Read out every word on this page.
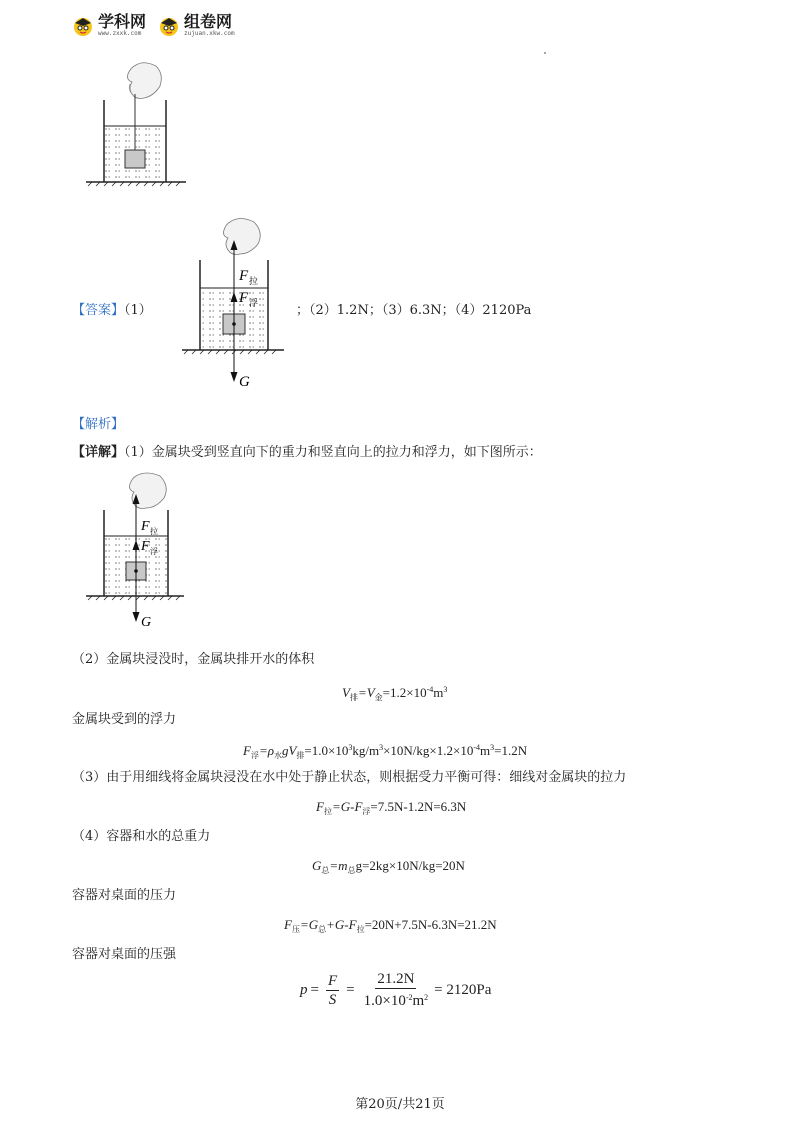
学科网
www.zxxk.com
组卷网
zujuan.xkw.com
【答案】（1）	；（2）1.2N；（3）6.3N；（4）2120Pa
F 拉
F 浮
G
【解析】
【详解】（1）金属块受到竖直向下的重力和竖直向上的拉力和浮力，如下图所示：
F 拉
F 浮
G
（2）金属块浸没时，金属块排开水的体积
$V_排=V_金=1.2\times 10^{-4}m^3$
金属块受到的浮力
$F_浮=\rho_水gV_排=1.0\times 10^3kg/m^3\times 10N/kg\times 1.2\times 10^{-4}m^3=1.2N$
（3）由于用细线将金属块浸没在水中处于静止状态，则根据受力平衡可得：细线对金属块的拉力
$F_拉=G-F_浮=7.5N-1.2N=6.3N$
（4）容器和水的总重力
$G_总=m_总g=2kg\times 10N/kg=20N$
容器对桌面的压力
$F_压=G_总+G-F_拉=20N+7.5N-6.3N=21.2N$
容器对桌面的压强
$p = \frac{F}{S} = \frac{21.2N}{1.0\times 10^{-2}m^2} = 2120Pa$
第20页/共21页
